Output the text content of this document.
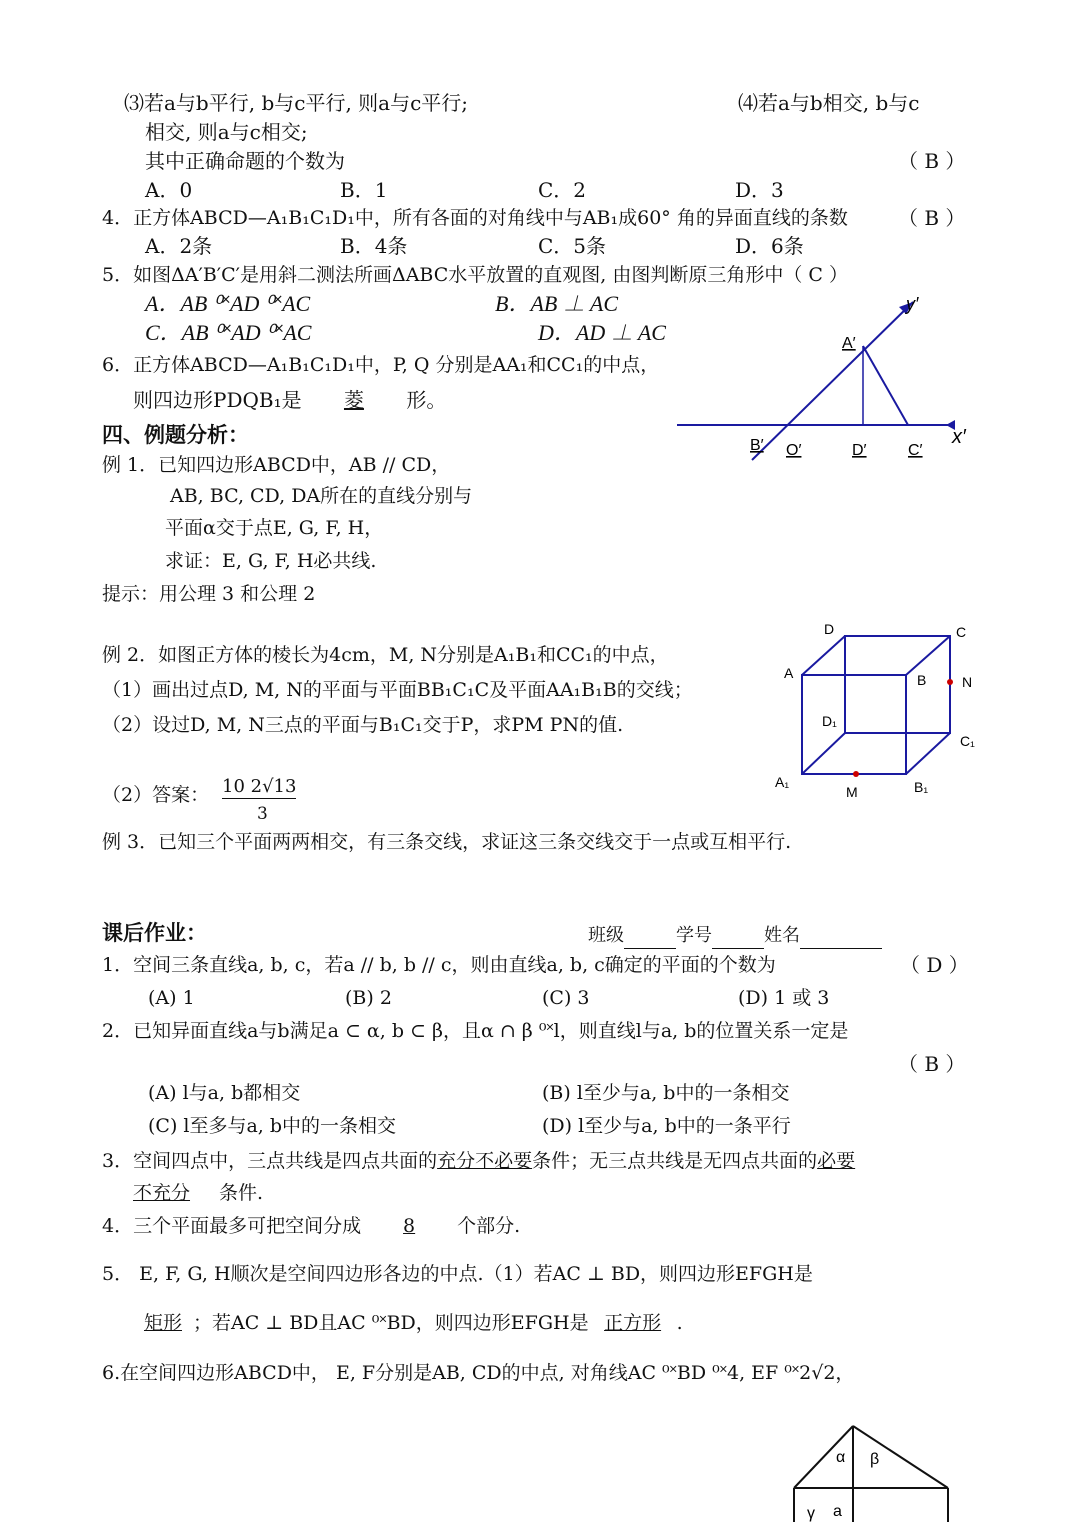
⑶若a与b平行, b与c平行, 则a与c平行;	⑷若a与b相交, b与c
相交, 则a与c相交;
其中正确命题的个数为	（ B ）
A．0	B．1	C．2	D．3
4．正方体ABCD—A₁B₁C₁D₁中，所有各面的对角线中与AB₁成60° 角的异面直线的条数	（ B ）
A．2条	B．4条	C．5条	D．6条
5．如图ΔA′B′C′是用斜二测法所画ΔABC水平放置的直观图, 由图判断原三角形中（ C ）
A．AB ⁰˟AD ⁰˟AC	B．AB ⊥ AC
C．AB ⁰˟AD ⁰˟AC	D．AD ⊥ AC
6．正方体ABCD—A₁B₁C₁D₁中，P, Q 分别是AA₁和CC₁的中点，
则四边形PDQB₁是 菱 形。
四、例题分析：
y′
A′
B′ O′	D′	C′
x′
例 1．已知四边形ABCD中，AB // CD，
AB, BC, CD, DA所在的直线分别与
平面α交于点E, G, F, H，
求证：E, G, F, H必共线.
提示：用公理 3 和公理 2
例 2．如图正方体的棱长为4cm，M, N分别是A₁B₁和CC₁的中点，
（1）画出过点D, M, N的平面与平面BB₁C₁C及平面AA₁B₁B的交线；
（2）设过D, M, N三点的平面与B₁C₁交于P，求PM PN的值.
（2）答案： 10 2√13
3
D	C
A	B	N
D₁
C₁
A₁
M	B₁
例 3．已知三个平面两两相交，有三条交线，求证这三条交线交于一点或互相平行.
课后作业：	班级	学号	姓名
1．空间三条直线a, b, c，若a // b, b // c，则由直线a, b, c确定的平面的个数为	（ D ）
(A) 1	(B) 2	(C) 3	(D) 1 或 3
2．已知异面直线a与b满足a ⊂ α, b ⊂ β，且α ∩ β ⁰˟l，则直线l与a, b的位置关系一定是
（ B ）
(A) l与a, b都相交	(B) l至少与a, b中的一条相交
(C) l至多与a, b中的一条相交	(D) l至少与a, b中的一条平行
3．空间四点中，三点共线是四点共面的充分不必要条件；无三点共线是无四点共面的必要
不充分 条件.
4．三个平面最多可把空间分成 8 个部分.
5． E, F, G, H顺次是空间四边形各边的中点.（1）若AC ⊥ BD，则四边形EFGH是
矩形 ；若AC ⊥ BD且AC ⁰˟BD，则四边形EFGH是 正方形 .
6.在空间四边形ABCD中， E, F分别是AB, CD的中点, 对角线AC ⁰˟BD ⁰˟4, EF ⁰˟2√2，
α β
γ a
